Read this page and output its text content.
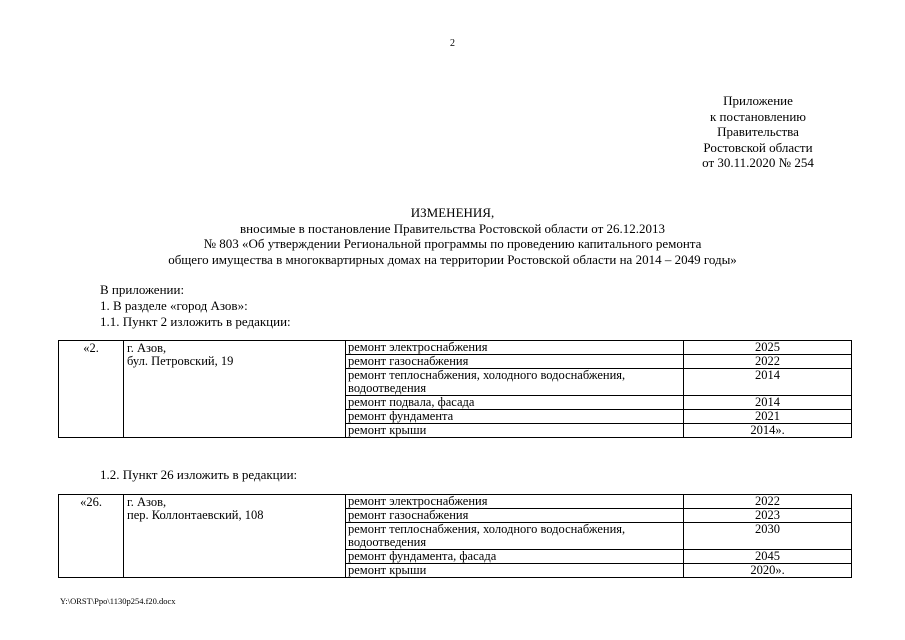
2
Приложение
к постановлению
Правительства
Ростовской области
от 30.11.2020 № 254
ИЗМЕНЕНИЯ,
вносимые в постановление Правительства Ростовской области от 26.12.2013
№ 803 «Об утверждении Региональной программы по проведению капитального ремонта
общего имущества в многоквартирных домах на территории Ростовской области на 2014 – 2049 годы»
В приложении:
1. В разделе «город Азов»:
1.1. Пункт 2 изложить в редакции:
«2.	г. Азов,
бул. Петровский, 19	ремонт электроснабжения	2025
		ремонт газоснабжения	2022
		ремонт теплоснабжения, холодного водоснабжения, водоотведения	2014
		ремонт подвала, фасада	2014
		ремонт фундамента	2021
		ремонт крыши	2014».
1.2. Пункт 26 изложить в редакции:
«26.	г. Азов,
пер. Коллонтаевский, 108	ремонт электроснабжения	2022
		ремонт газоснабжения	2023
		ремонт теплоснабжения, холодного водоснабжения, водоотведения	2030
		ремонт фундамента, фасада	2045
		ремонт крыши	2020».
Y:\ORST\Ppo\1130p254.f20.docx
